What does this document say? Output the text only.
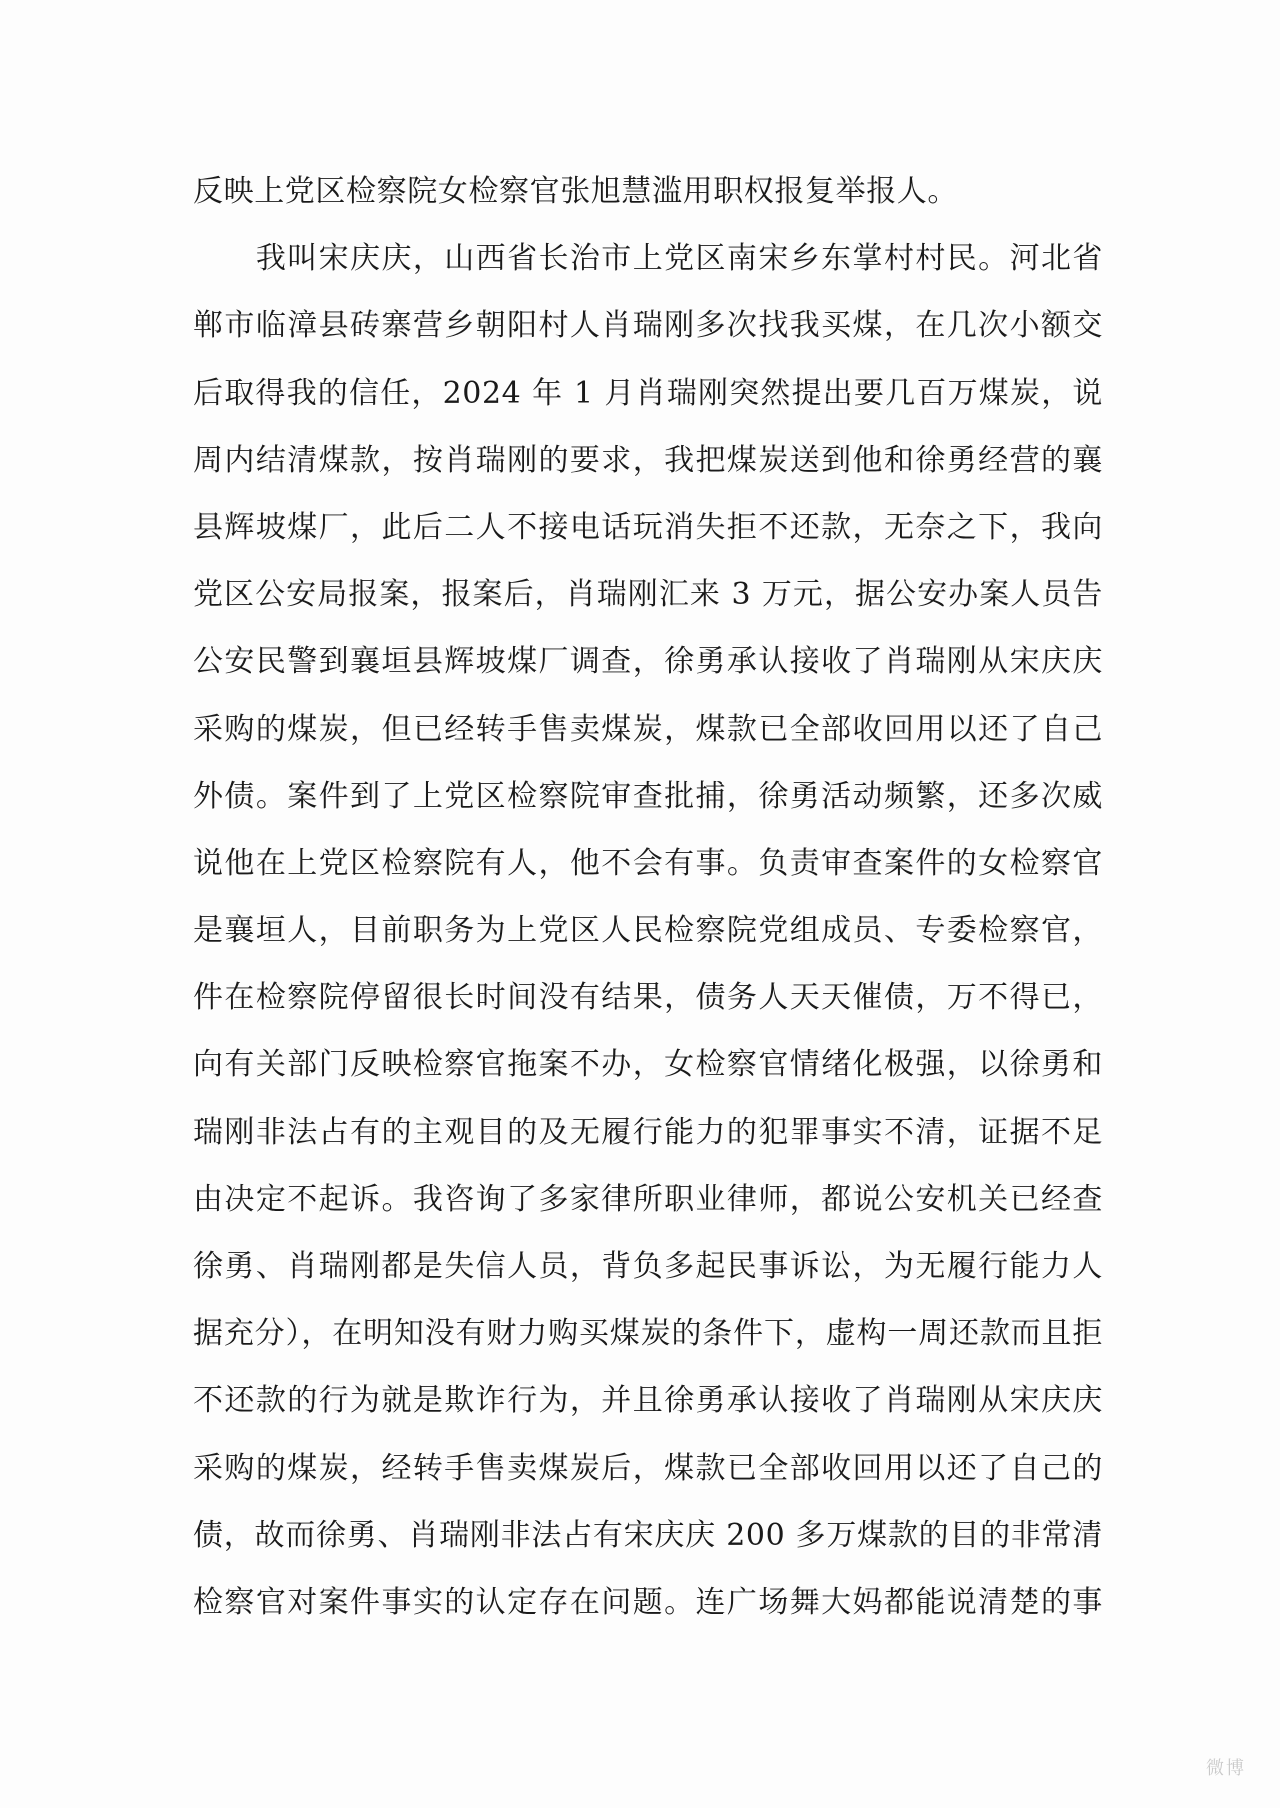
反映上党区检察院女检察官张旭慧滥用职权报复举报人。
　　我叫宋庆庆，山西省长治市上党区南宋乡东掌村村民。河北省
郸市临漳县砖寨营乡朝阳村人肖瑞刚多次找我买煤，在几次小额交
后取得我的信任，2024 年 1 月肖瑞刚突然提出要几百万煤炭，说
周内结清煤款，按肖瑞刚的要求，我把煤炭送到他和徐勇经营的襄
县辉坡煤厂，此后二人不接电话玩消失拒不还款，无奈之下，我向
党区公安局报案，报案后，肖瑞刚汇来 3 万元，据公安办案人员告
公安民警到襄垣县辉坡煤厂调查，徐勇承认接收了肖瑞刚从宋庆庆
采购的煤炭，但已经转手售卖煤炭，煤款已全部收回用以还了自己
外债。案件到了上党区检察院审查批捕，徐勇活动频繁，还多次威
说他在上党区检察院有人，他不会有事。负责审查案件的女检察官
是襄垣人，目前职务为上党区人民检察院党组成员、专委检察官，
件在检察院停留很长时间没有结果，债务人天天催债，万不得已，
向有关部门反映检察官拖案不办，女检察官情绪化极强，以徐勇和
瑞刚非法占有的主观目的及无履行能力的犯罪事实不清，证据不足
由决定不起诉。我咨询了多家律所职业律师，都说公安机关已经查
徐勇、肖瑞刚都是失信人员，背负多起民事诉讼，为无履行能力人
据充分），在明知没有财力购买煤炭的条件下，虚构一周还款而且拒
不还款的行为就是欺诈行为，并且徐勇承认接收了肖瑞刚从宋庆庆
采购的煤炭，经转手售卖煤炭后，煤款已全部收回用以还了自己的
债，故而徐勇、肖瑞刚非法占有宋庆庆 200 多万煤款的目的非常清
检察官对案件事实的认定存在问题。连广场舞大妈都能说清楚的事
微博
